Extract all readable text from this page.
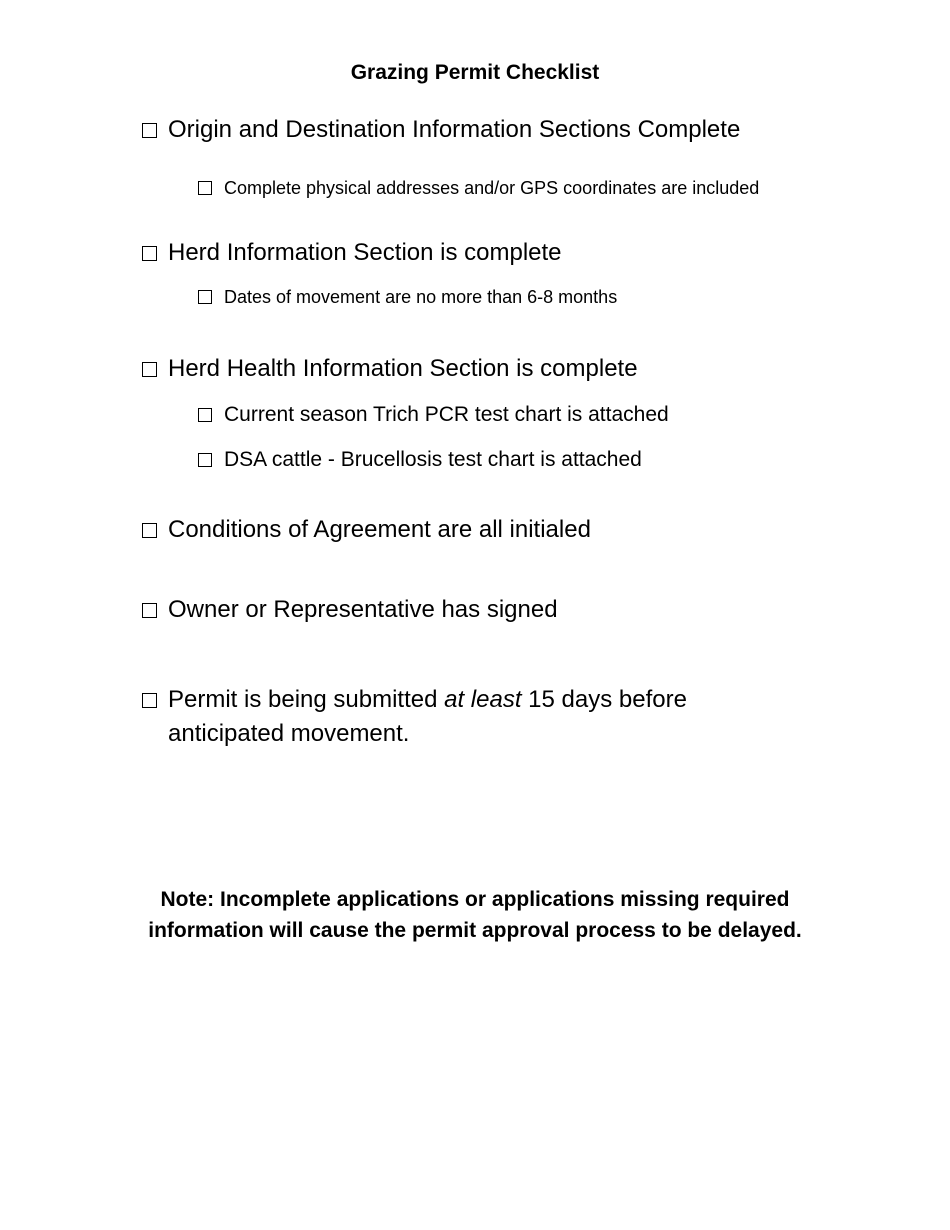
Grazing Permit Checklist
Origin and Destination Information Sections Complete
Complete physical addresses and/or GPS coordinates are included
Herd Information Section is complete
Dates of movement are no more than 6-8 months
Herd Health Information Section is complete
Current season Trich PCR test chart is attached
DSA cattle - Brucellosis test chart is attached
Conditions of Agreement are all initialed
Owner or Representative has signed
Permit is being submitted at least 15 days before anticipated movement.
Note: Incomplete applications or applications missing required
information will cause the permit approval process to be delayed.
